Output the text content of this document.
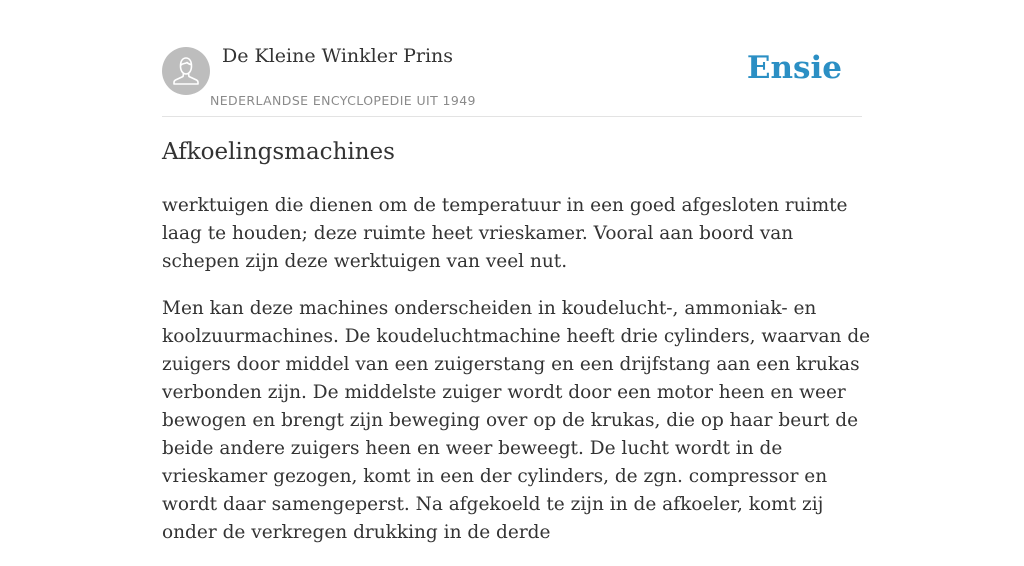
De Kleine Winkler Prins
NEDERLANDSE ENCYCLOPEDIE UIT 1949
Ensie
Afkoelingsmachines

werktuigen die dienen om de temperatuur in een goed afgesloten ruimte laag te houden; deze ruimte heet vrieskamer. Vooral aan boord van schepen zijn deze werktuigen van veel nut.

Men kan deze machines onderscheiden in koudelucht-, ammoniak- en koolzuurmachines. De koudeluchtmachine heeft drie cylinders, waarvan de zuigers door middel van een zuigerstang en een drijfstang aan een krukas verbonden zijn. De middelste zuiger wordt door een motor heen en weer bewogen en brengt zijn beweging over op de krukas, die op haar beurt de beide andere zuigers heen en weer beweegt. De lucht wordt in de vrieskamer gezogen, komt in een der cylinders, de zgn. compressor en wordt daar samengeperst. Na afgekoeld te zijn in de afkoeler, komt zij onder de verkregen drukking in de derde
